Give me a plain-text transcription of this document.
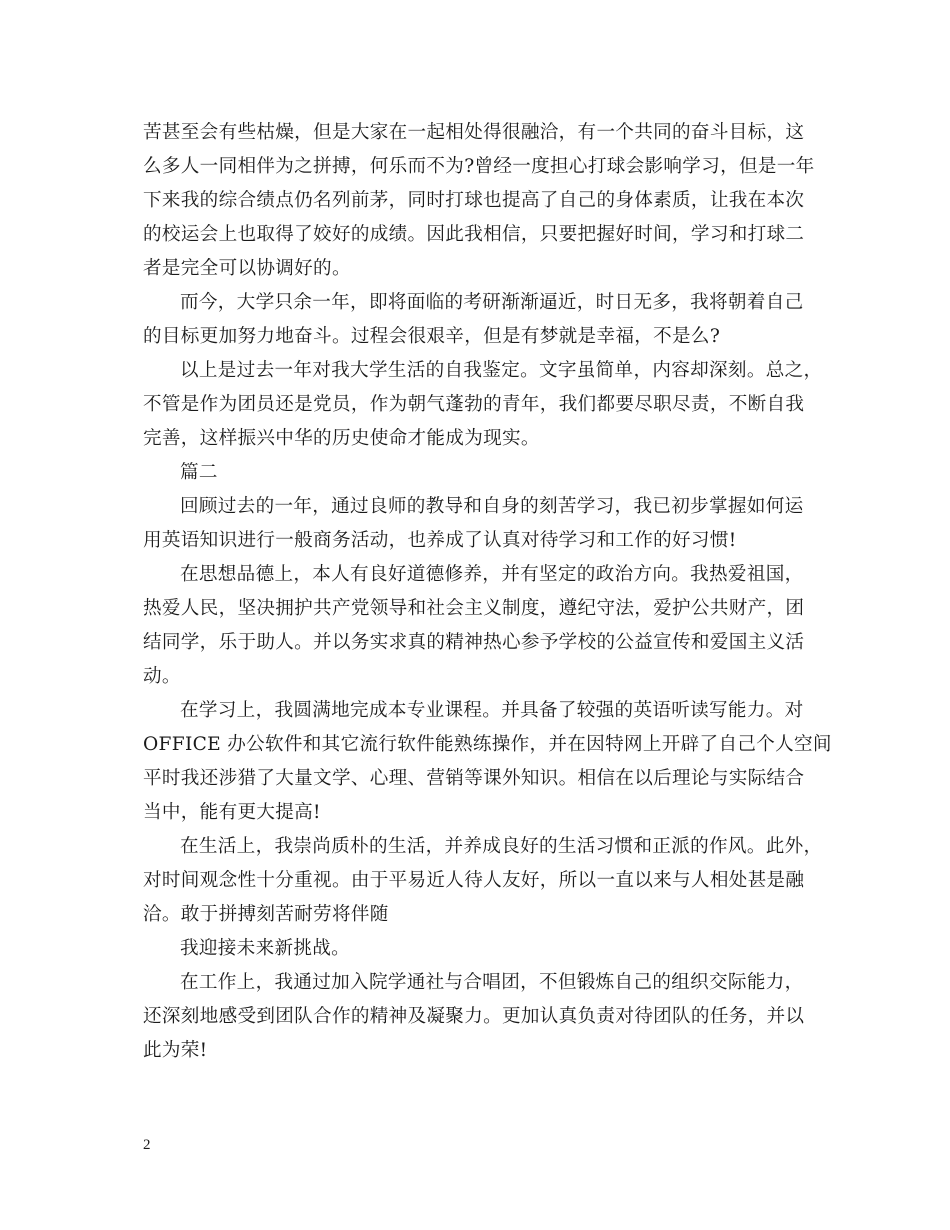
苦甚至会有些枯燥，但是大家在一起相处得很融洽，有一个共同的奋斗目标，这
么多人一同相伴为之拼搏，何乐而不为?曾经一度担心打球会影响学习，但是一年
下来我的综合绩点仍名列前茅，同时打球也提高了自己的身体素质，让我在本次
的校运会上也取得了姣好的成绩。因此我相信，只要把握好时间，学习和打球二
者是完全可以协调好的。
而今，大学只余一年，即将面临的考研渐渐逼近，时日无多，我将朝着自己
的目标更加努力地奋斗。过程会很艰辛，但是有梦就是幸福，不是么?
以上是过去一年对我大学生活的自我鉴定。文字虽简单，内容却深刻。总之，
不管是作为团员还是党员，作为朝气蓬勃的青年，我们都要尽职尽责，不断自我
完善，这样振兴中华的历史使命才能成为现实。
篇二
回顾过去的一年，通过良师的教导和自身的刻苦学习，我已初步掌握如何运
用英语知识进行一般商务活动，也养成了认真对待学习和工作的好习惯!
在思想品德上，本人有良好道德修养，并有坚定的政治方向。我热爱祖国，
热爱人民，坚决拥护共产党领导和社会主义制度，遵纪守法，爱护公共财产，团
结同学，乐于助人。并以务实求真的精神热心参予学校的公益宣传和爱国主义活
动。
在学习上，我圆满地完成本专业课程。并具备了较强的英语听读写能力。对
OFFICE 办公软件和其它流行软件能熟练操作，并在因特网上开辟了自己个人空间
平时我还涉猎了大量文学、心理、营销等课外知识。相信在以后理论与实际结合
当中，能有更大提高!
在生活上，我崇尚质朴的生活，并养成良好的生活习惯和正派的作风。此外，
对时间观念性十分重视。由于平易近人待人友好，所以一直以来与人相处甚是融
洽。敢于拼搏刻苦耐劳将伴随
我迎接未来新挑战。
在工作上，我通过加入院学通社与合唱团，不但锻炼自己的组织交际能力，
还深刻地感受到团队合作的精神及凝聚力。更加认真负责对待团队的任务，并以
此为荣!
2
